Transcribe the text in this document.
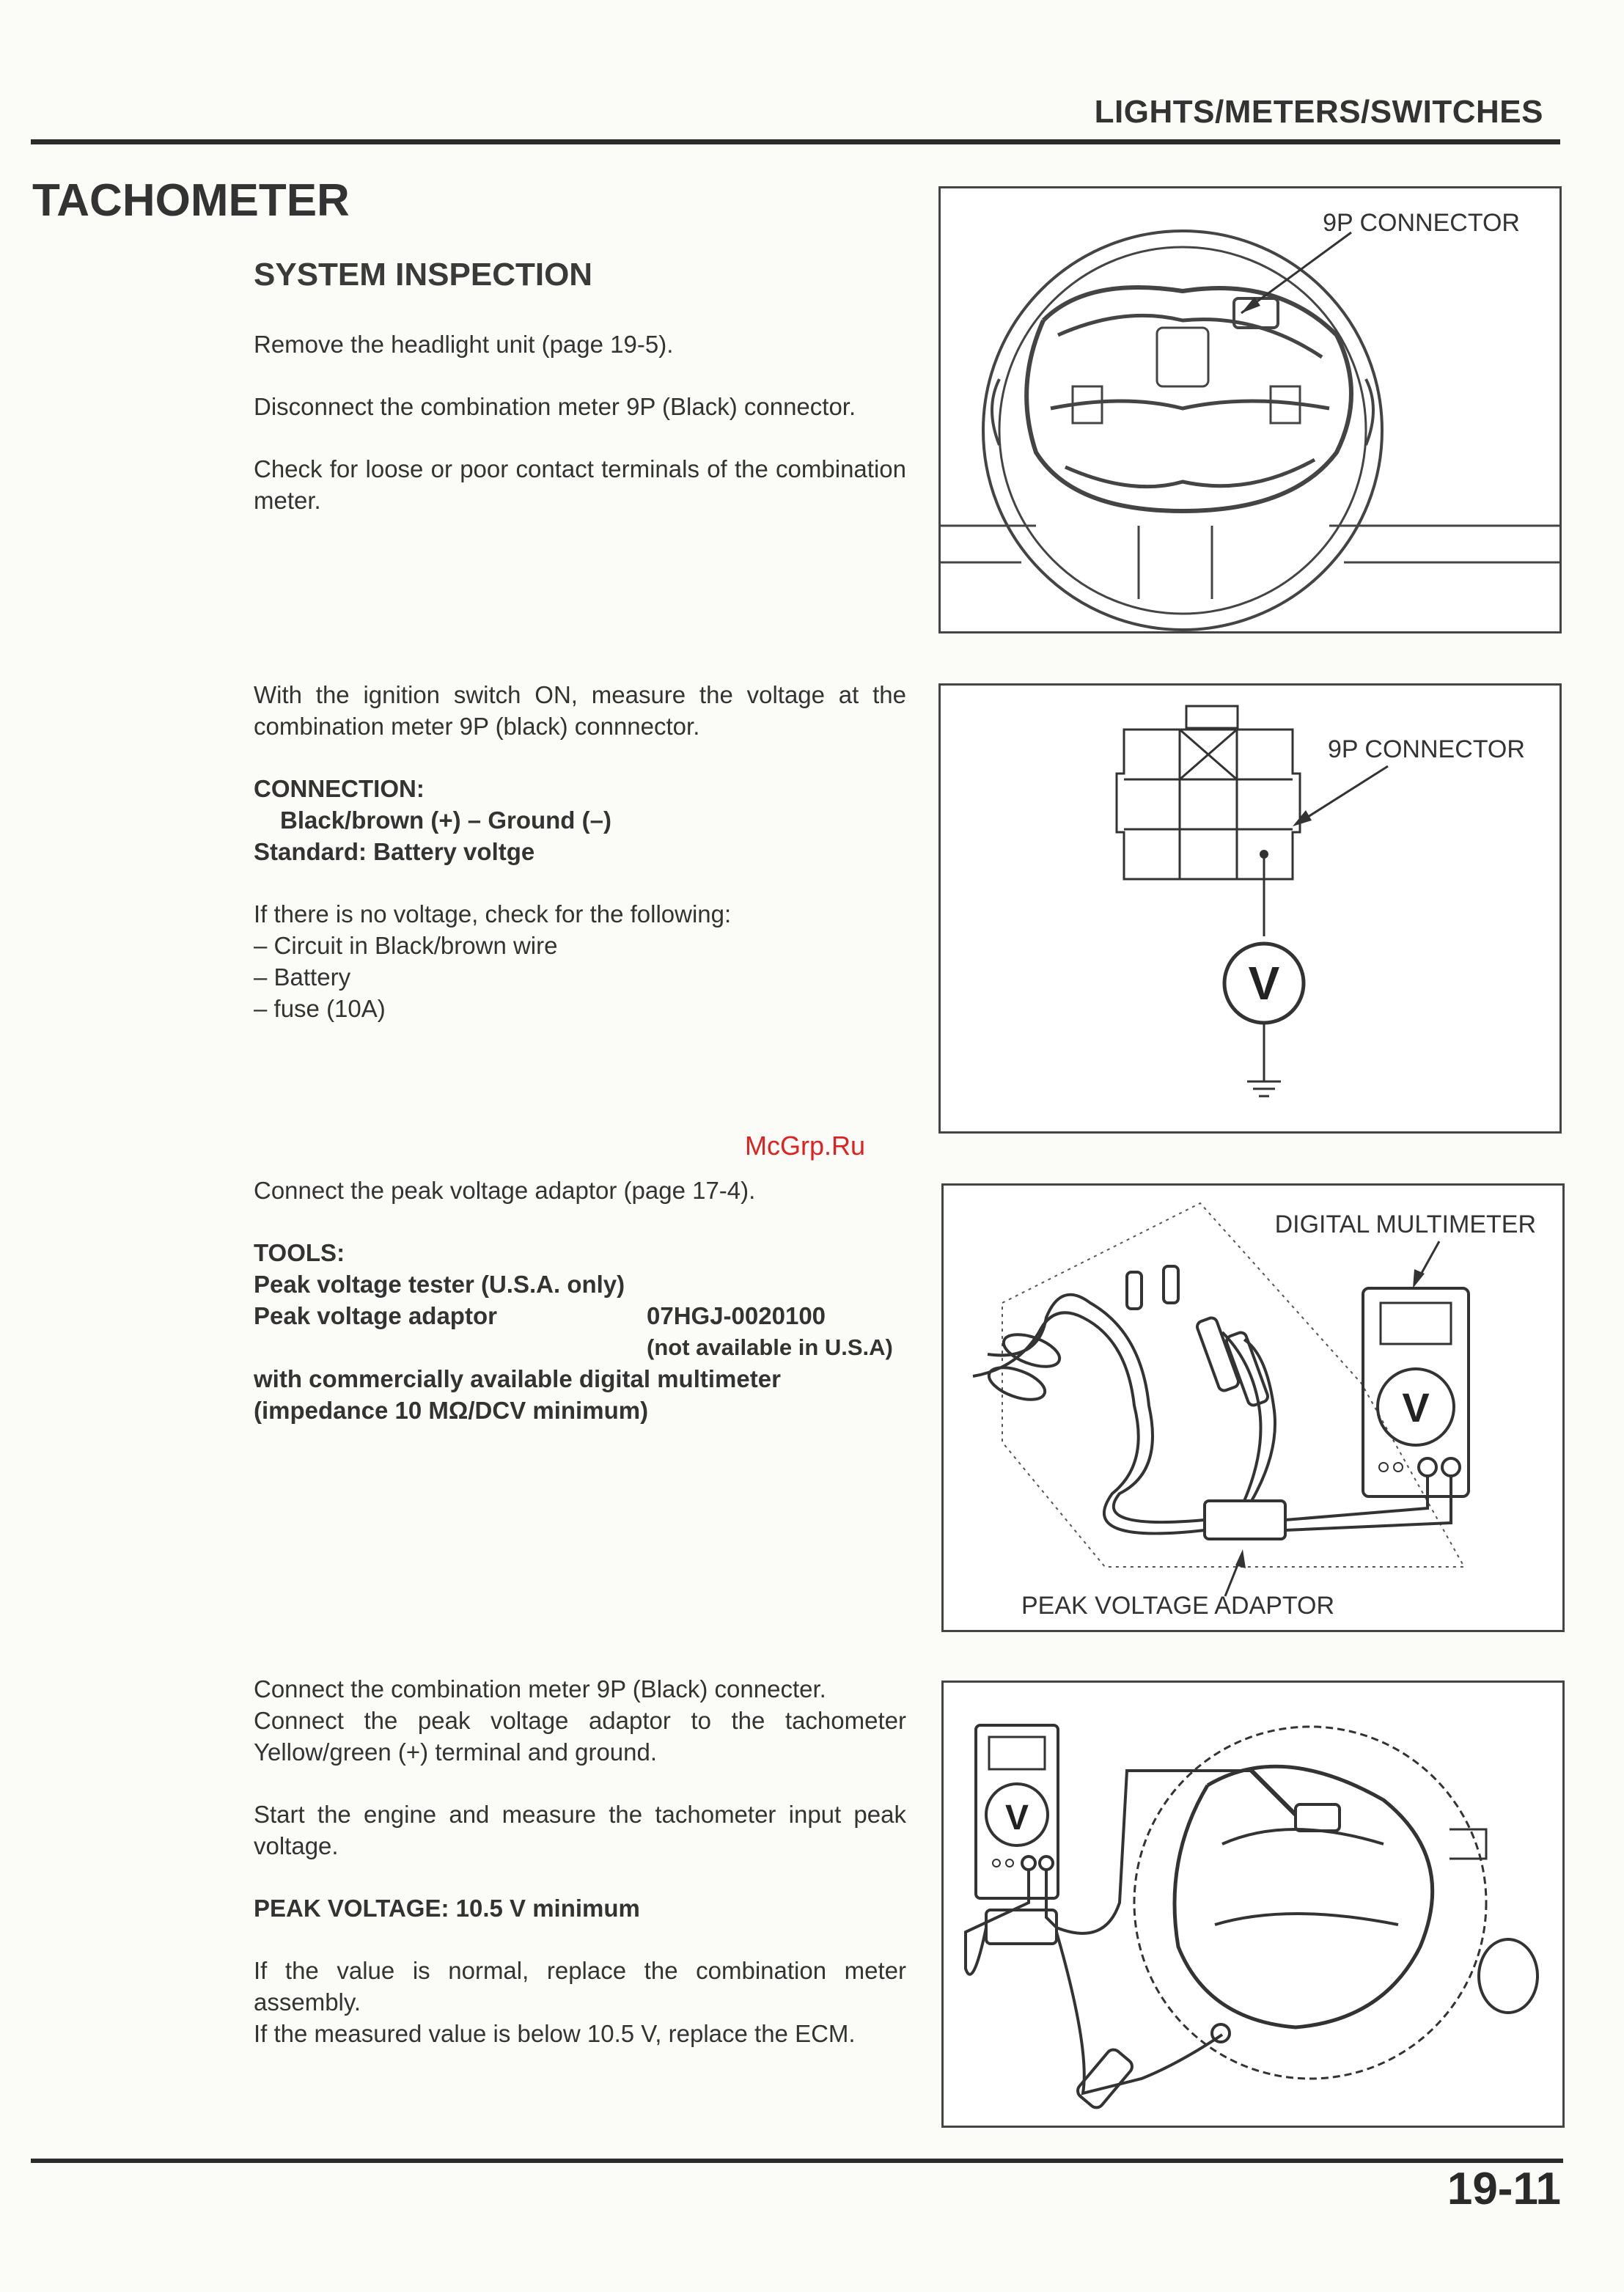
LIGHTS/METERS/SWITCHES
TACHOMETER
SYSTEM INSPECTION
McGrp.Ru

Remove the headlight unit (page 19-5).

Disconnect the combination meter 9P (Black) connector.

Check for loose or poor contact terminals of the combination meter.

With the ignition switch ON, measure the voltage at the combination meter 9P (black) connnector.

CONNECTION:

Black/brown (+) – Ground (–)

Standard: Battery voltge

If there is no voltage, check for the following:

– Circuit in Black/brown wire

– Battery

– fuse (10A)

Connect the peak voltage adaptor (page 17-4).

TOOLS:

Peak voltage tester (U.S.A. only)

Peak voltage adaptor	07HGJ-0020100

(not available in U.S.A)

with commercially available digital multimeter

(impedance 10 MΩ/DCV minimum)

Connect the combination meter 9P (Black) connecter.

Connect the peak voltage adaptor to the tachometer Yellow/green (+) terminal and ground.

Start the engine and measure the tachometer input peak voltage.

PEAK VOLTAGE: 10.5 V minimum

If the value is normal, replace the combination meter assembly.

If the measured value is below 10.5 V, replace the ECM.

9P CONNECTOR
V
9P CONNECTOR
V
DIGITAL MULTIMETER
PEAK VOLTAGE ADAPTOR
V
19-11
